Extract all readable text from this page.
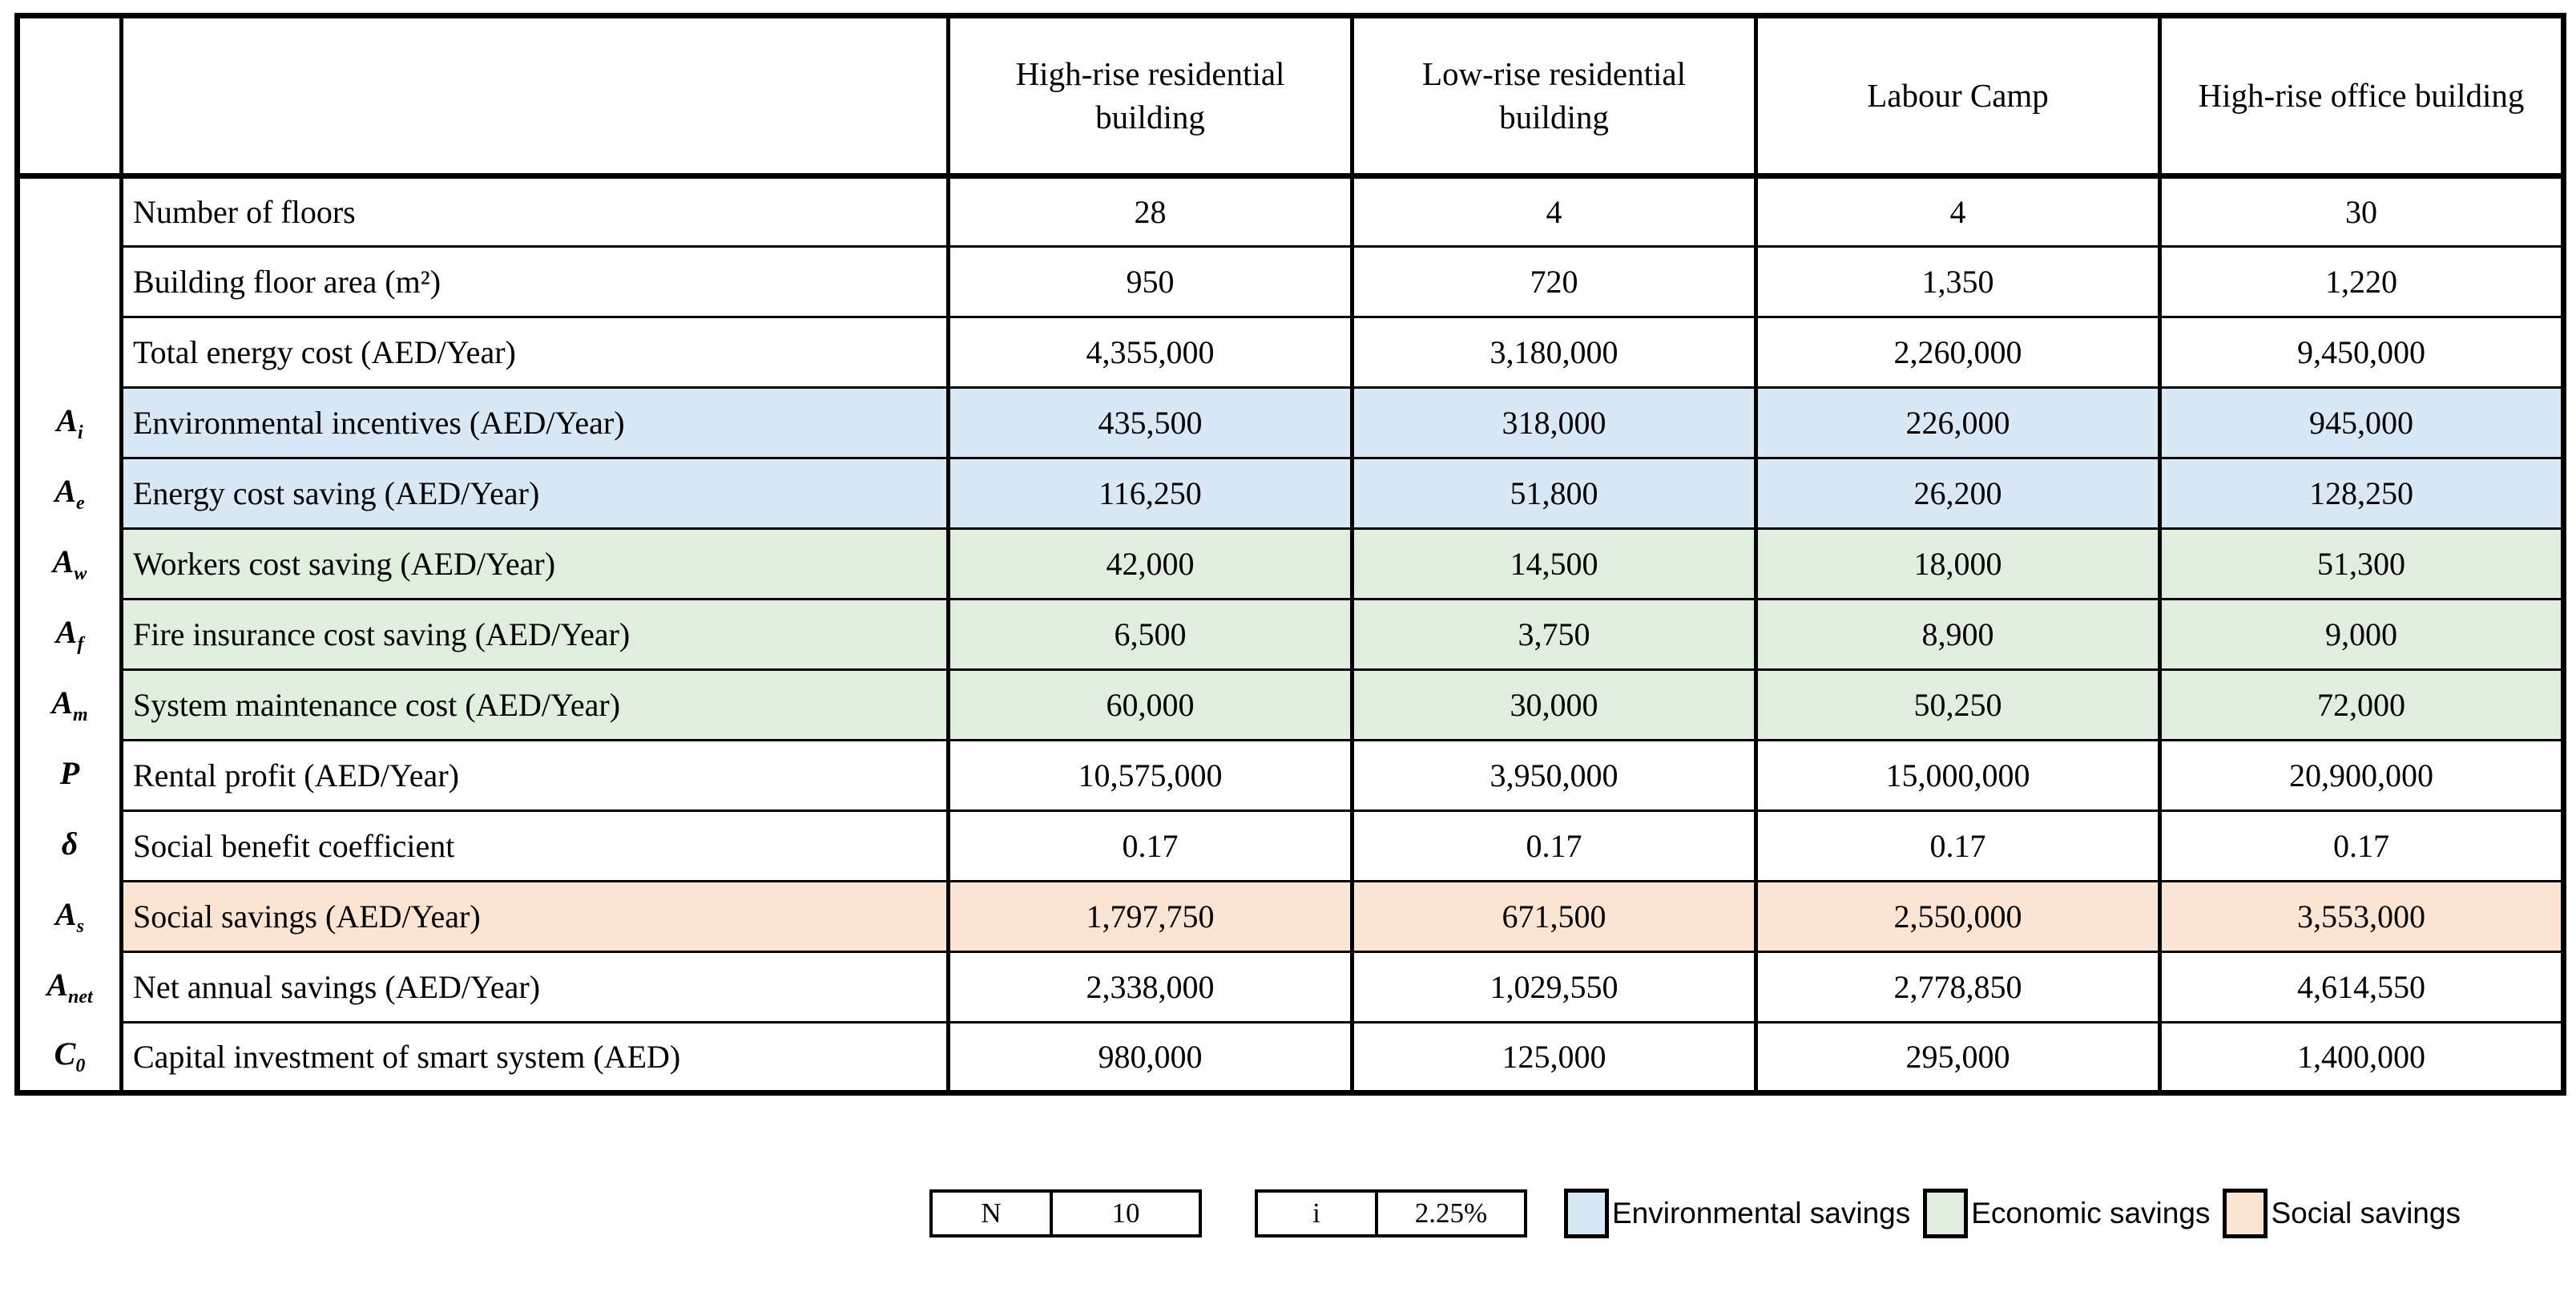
		High-rise residential building	Low-rise residential building	Labour Camp	High-rise office building
	Number of floors	28	4	4	30
	Building floor area (m²)	950	720	1,350	1,220
	Total energy cost (AED/Year)	4,355,000	3,180,000	2,260,000	9,450,000
$A_i$	Environmental incentives (AED/Year)	435,500	318,000	226,000	945,000
$A_e$	Energy cost saving (AED/Year)	116,250	51,800	26,200	128,250
$A_w$	Workers cost saving (AED/Year)	42,000	14,500	18,000	51,300
$A_f$	Fire insurance cost saving (AED/Year)	6,500	3,750	8,900	9,000
$A_m$	System maintenance cost (AED/Year)	60,000	30,000	50,250	72,000
P	Rental profit (AED/Year)	10,575,000	3,950,000	15,000,000	20,900,000
δ	Social benefit coefficient	0.17	0.17	0.17	0.17
$A_s$	Social savings (AED/Year)	1,797,750	671,500	2,550,000	3,553,000
$A_{net}$	Net annual savings (AED/Year)	2,338,000	1,029,550	2,778,850	4,614,550
$C_0$	Capital investment of smart system (AED)	980,000	125,000	295,000	1,400,000
N	10	i	2.25%	Environmental savings Economic savings Social savings
